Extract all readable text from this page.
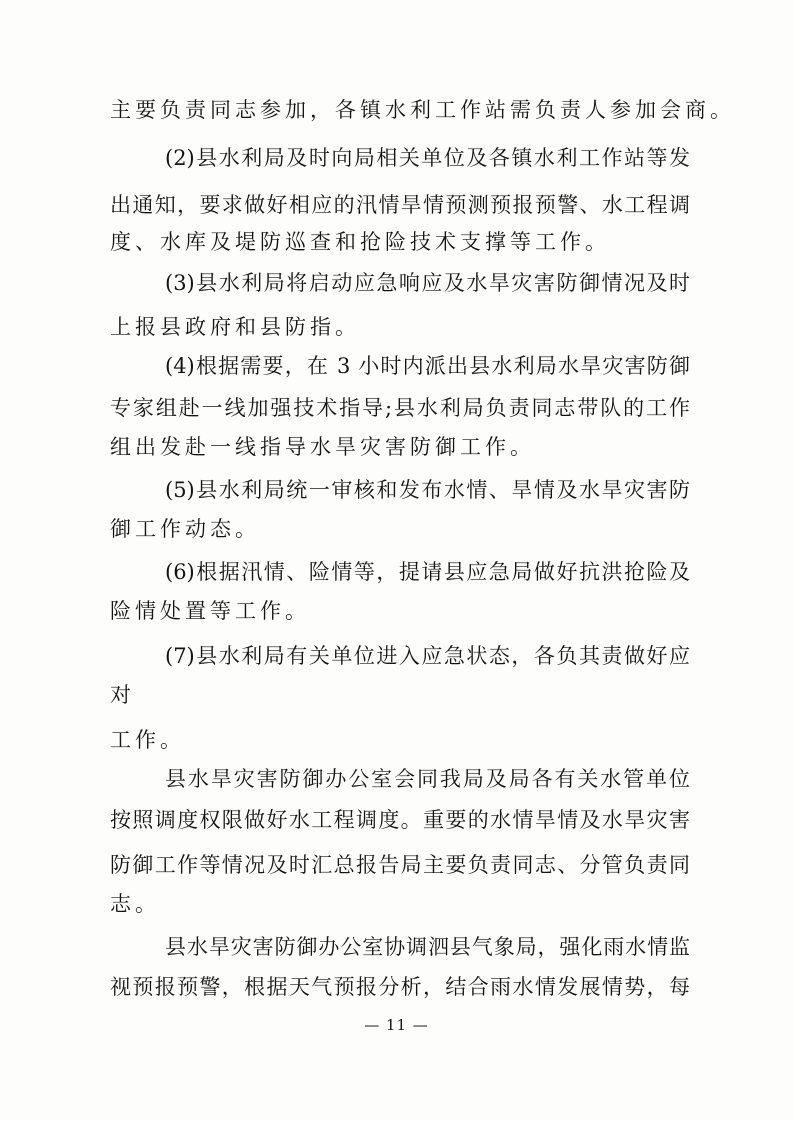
主要负责同志参加，各镇水利工作站需负责人参加会商。
(2)县水利局及时向局相关单位及各镇水利工作站等发
出通知，要求做好相应的汛情旱情预测预报预警、水工程调
度、水库及堤防巡查和抢险技术支撑等工作。
(3)县水利局将启动应急响应及水旱灾害防御情况及时
上报县政府和县防指。
(4)根据需要，在 3 小时内派出县水利局水旱灾害防御
专家组赴一线加强技术指导;县水利局负责同志带队的工作
组出发赴一线指导水旱灾害防御工作。
(5)县水利局统一审核和发布水情、旱情及水旱灾害防
御工作动态。
(6)根据汛情、险情等，提请县应急局做好抗洪抢险及
险情处置等工作。
(7)县水利局有关单位进入应急状态，各负其责做好应
对
工作。
县水旱灾害防御办公室会同我局及局各有关水管单位
按照调度权限做好水工程调度。重要的水情旱情及水旱灾害
防御工作等情况及时汇总报告局主要负责同志、分管负责同
志。
县水旱灾害防御办公室协调泗县气象局，强化雨水情监
视预报预警，根据天气预报分析，结合雨水情发展情势，每
— 11 —
